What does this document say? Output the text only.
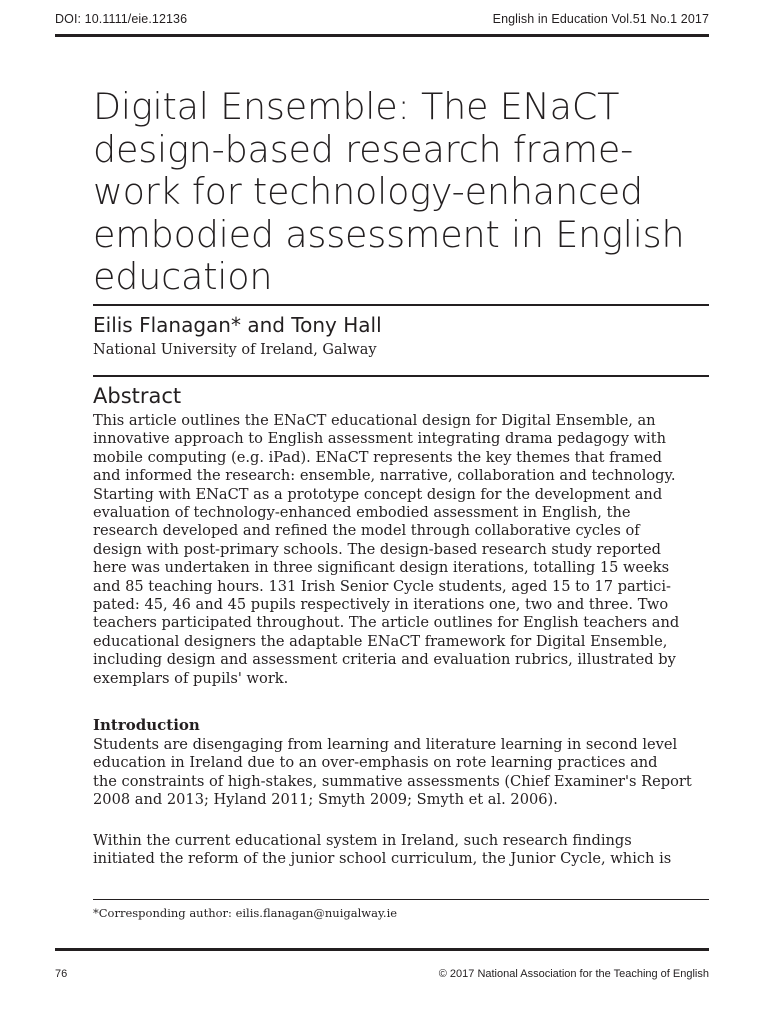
DOI: 10.1111/eie.12136	English in Education Vol.51 No.1 2017
Digital Ensemble: The ENaCT
design-based research frame-
work for technology-enhanced
embodied assessment in English
education
Eilis Flanagan* and Tony Hall
National University of Ireland, Galway
Abstract
This article outlines the ENaCT educational design for Digital Ensemble, an
innovative approach to English assessment integrating drama pedagogy with
mobile computing (e.g. iPad). ENaCT represents the key themes that framed
and informed the research: ensemble, narrative, collaboration and technology.
Starting with ENaCT as a prototype concept design for the development and
evaluation of technology-enhanced embodied assessment in English, the
research developed and refined the model through collaborative cycles of
design with post-primary schools. The design-based research study reported
here was undertaken in three significant design iterations, totalling 15 weeks
and 85 teaching hours. 131 Irish Senior Cycle students, aged 15 to 17 partici-
pated: 45, 46 and 45 pupils respectively in iterations one, two and three. Two
teachers participated throughout. The article outlines for English teachers and
educational designers the adaptable ENaCT framework for Digital Ensemble,
including design and assessment criteria and evaluation rubrics, illustrated by
exemplars of pupils' work.
Introduction
Students are disengaging from learning and literature learning in second level
education in Ireland due to an over-emphasis on rote learning practices and
the constraints of high-stakes, summative assessments (Chief Examiner's Report
2008 and 2013; Hyland 2011; Smyth 2009; Smyth et al. 2006).
Within the current educational system in Ireland, such research findings
initiated the reform of the junior school curriculum, the Junior Cycle, which is
*Corresponding author: eilis.flanagan@nuigalway.ie
76	© 2017 National Association for the Teaching of English
